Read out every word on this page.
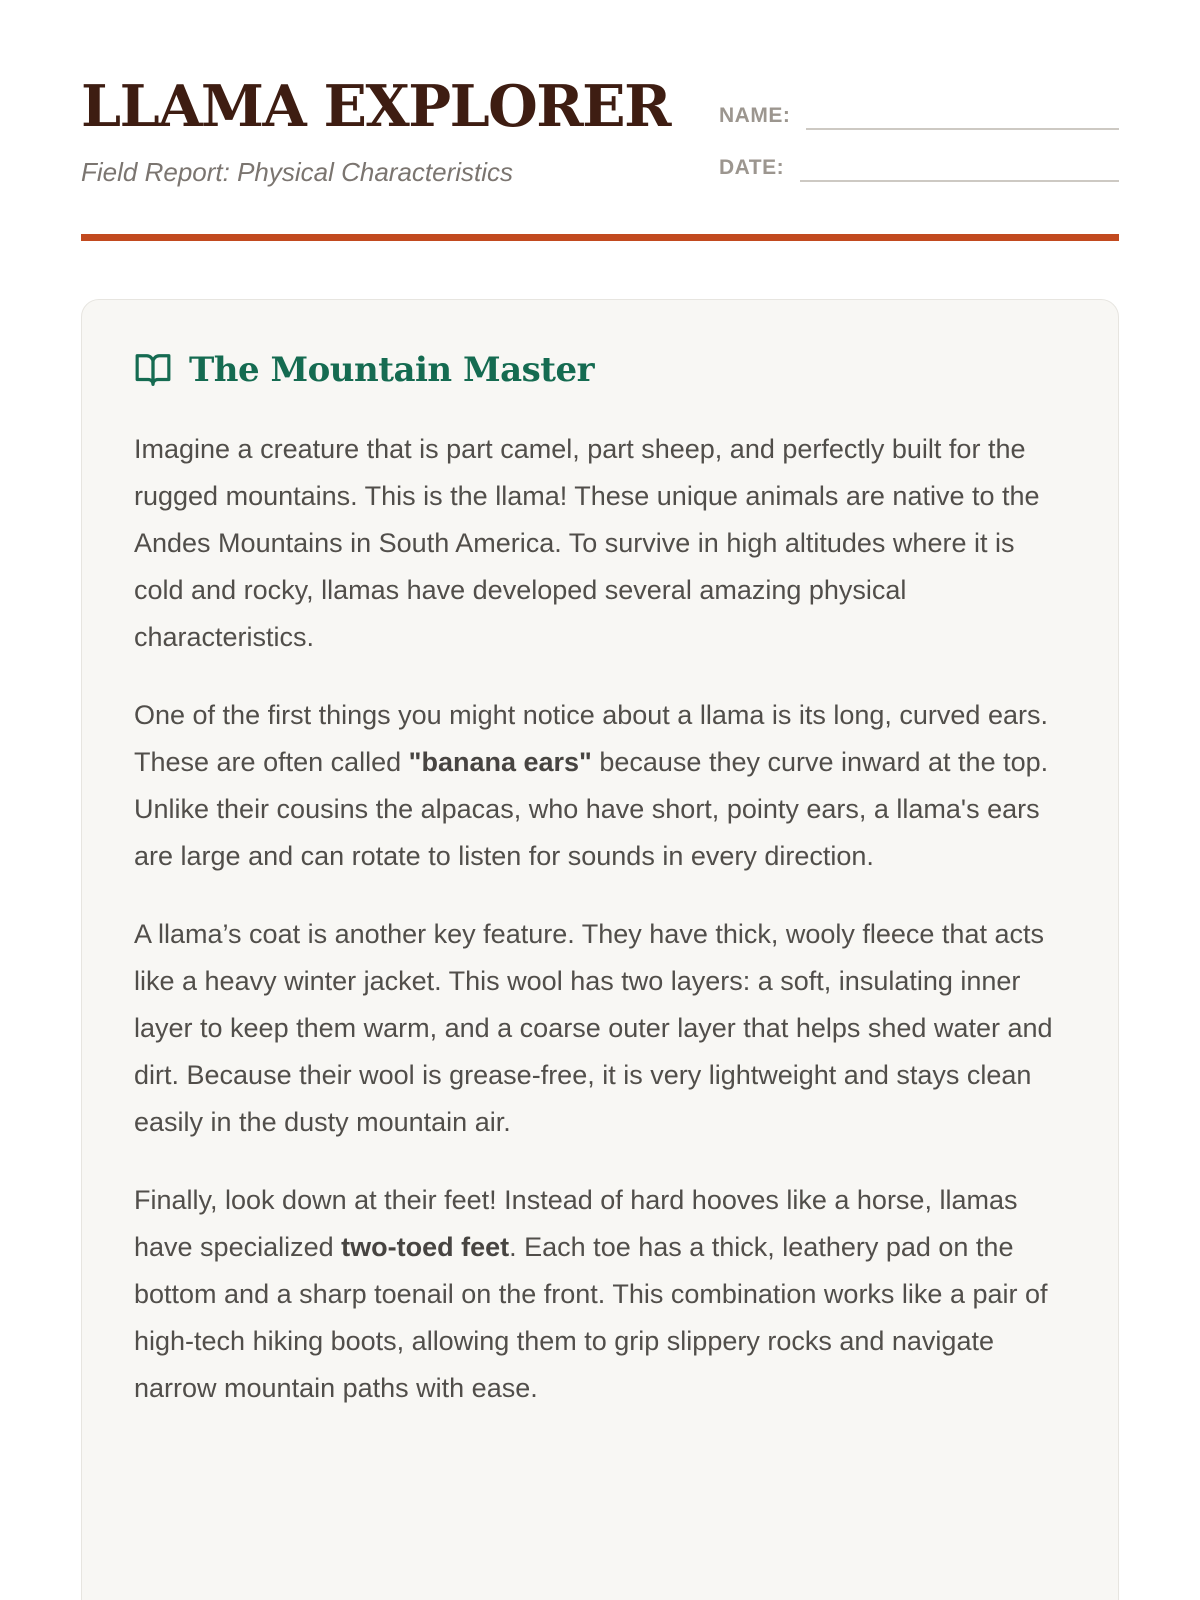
LLAMA EXPLORER
Field Report: Physical Characteristics
NAME:
DATE:
The Mountain Master

Imagine a creature that is part camel, part sheep, and perfectly built for the rugged mountains. This is the llama! These unique animals are native to the Andes Mountains in South America. To survive in high altitudes where it is cold and rocky, llamas have developed several amazing physical characteristics.

One of the first things you might notice about a llama is its long, curved ears. These are often called "banana ears" because they curve inward at the top. Unlike their cousins the alpacas, who have short, pointy ears, a llama's ears are large and can rotate to listen for sounds in every direction.

A llama’s coat is another key feature. They have thick, wooly fleece that acts like a heavy winter jacket. This wool has two layers: a soft, insulating inner layer to keep them warm, and a coarse outer layer that helps shed water and dirt. Because their wool is grease-free, it is very lightweight and stays clean easily in the dusty mountain air.

Finally, look down at their feet! Instead of hard hooves like a horse, llamas have specialized two-toed feet. Each toe has a thick, leathery pad on the bottom and a sharp toenail on the front. This combination works like a pair of high-tech hiking boots, allowing them to grip slippery rocks and navigate narrow mountain paths with ease.
